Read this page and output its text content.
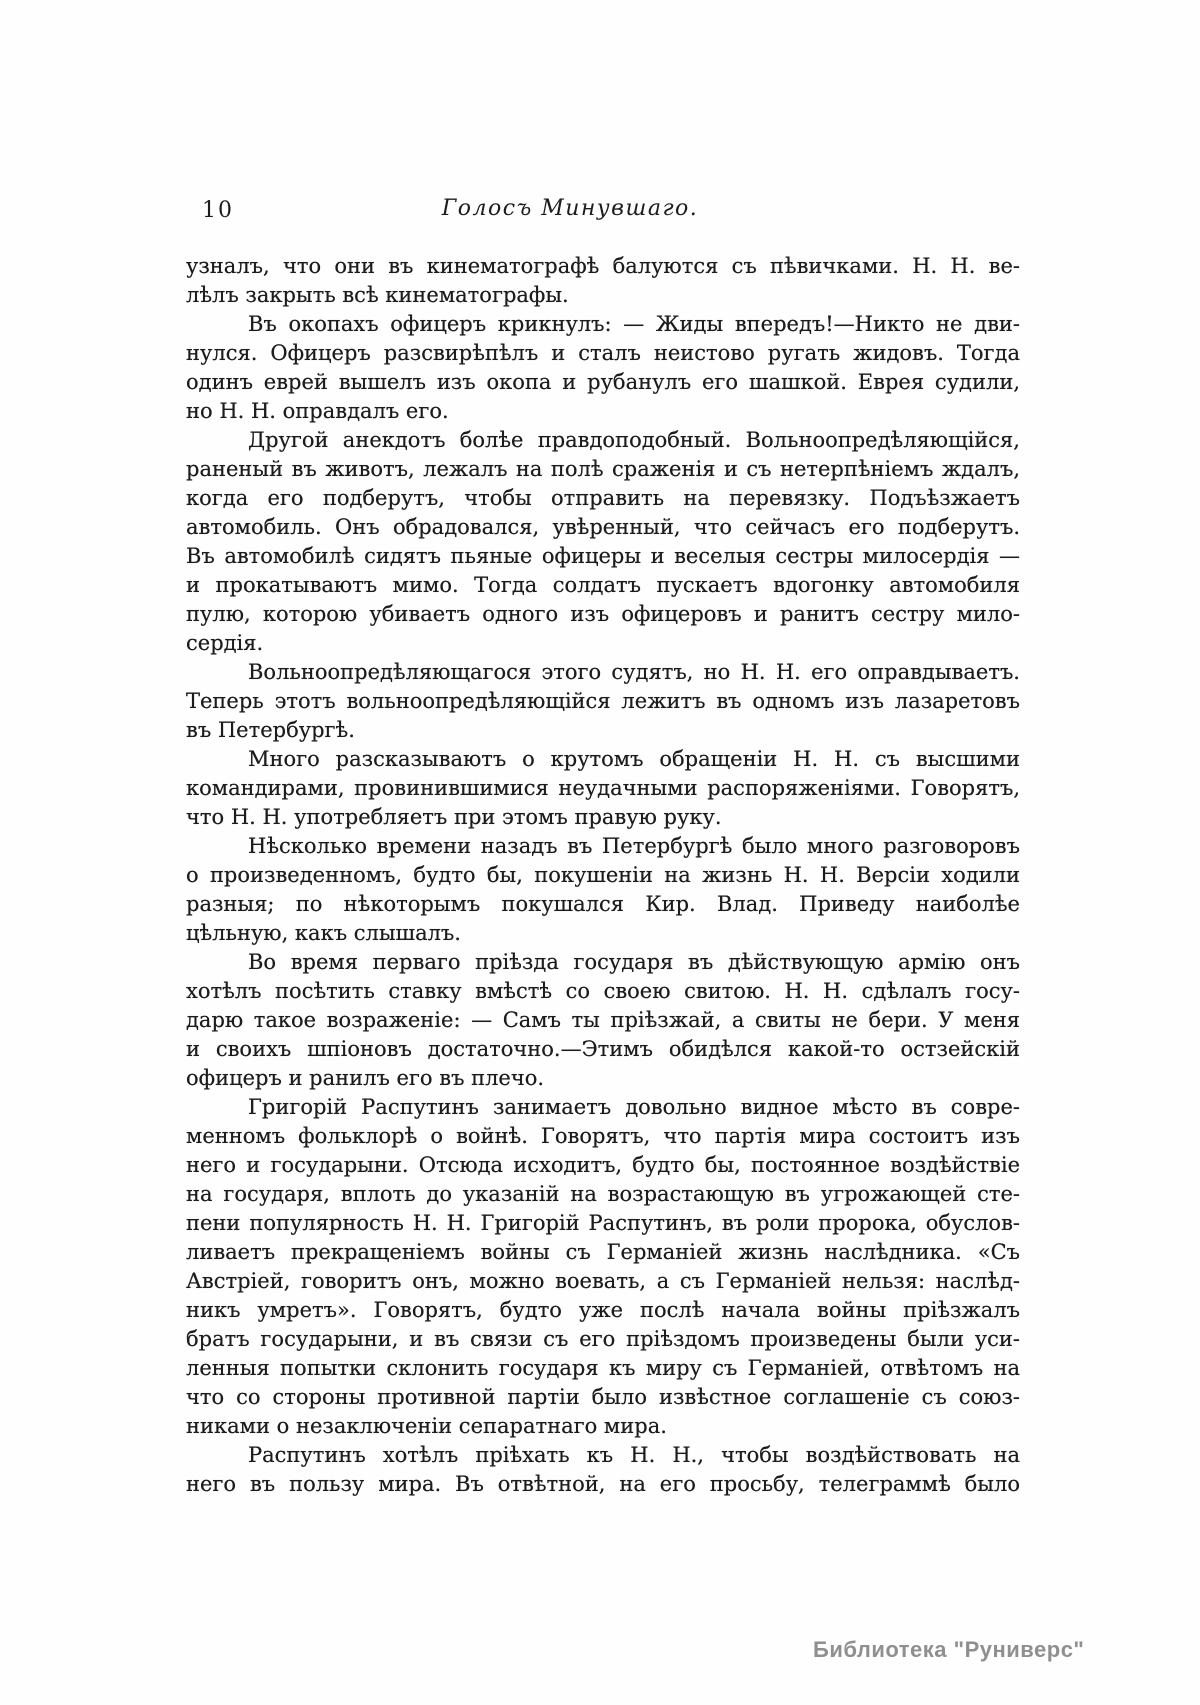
10	Голосъ Минувшаго.
узналъ, что они въ кинематографѣ балуются съ пѣвичками. Н. Н. ве-
лѣлъ закрыть всѣ кинематографы.
Въ окопахъ офицеръ крикнулъ: — Жиды впередъ!—Никто не дви-
нулся. Офицеръ разсвирѣпѣлъ и сталъ неистово ругать жидовъ. Тогда
одинъ еврей вышелъ изъ окопа и рубанулъ его шашкой. Еврея судили,
но Н. Н. оправдалъ его.
Другой анекдотъ болѣе правдоподобный. Вольноопредѣляющійся,
раненый въ животъ, лежалъ на полѣ сраженія и съ нетерпѣніемъ ждалъ,
когда его подберутъ, чтобы отправить на перевязку. Подъѣзжаетъ
автомобиль. Онъ обрадовался, увѣренный, что сейчасъ его подберутъ.
Въ автомобилѣ сидятъ пьяные офицеры и веселыя сестры милосердія —
и прокатываютъ мимо. Тогда солдатъ пускаетъ вдогонку автомобиля
пулю, которою убиваетъ одного изъ офицеровъ и ранитъ сестру мило-
сердія.
Вольноопредѣляющагося этого судятъ, но Н. Н. его оправдываетъ.
Теперь этотъ вольноопредѣляющійся лежитъ въ одномъ изъ лазаретовъ
въ Петербургѣ.
Много разсказываютъ о крутомъ обращеніи Н. Н. съ высшими
командирами, провинившимися неудачными распоряженіями. Говорятъ,
что Н. Н. употребляетъ при этомъ правую руку.
Нѣсколько времени назадъ въ Петербургѣ было много разговоровъ
о произведенномъ, будто бы, покушеніи на жизнь Н. Н. Версіи ходили
разныя; по нѣкоторымъ покушался Кир. Влад. Приведу наиболѣе
цѣльную, какъ слышалъ.
Во время перваго пріѣзда государя въ дѣйствующую армію онъ
хотѣлъ посѣтить ставку вмѣстѣ со своею свитою. Н. Н. сдѣлалъ госу-
дарю такое возраженіе: — Самъ ты пріѣзжай, а свиты не бери. У меня
и своихъ шпіоновъ достаточно.—Этимъ обидѣлся какой-то остзейскій
офицеръ и ранилъ его въ плечо.
Григорій Распутинъ занимаетъ довольно видное мѣсто въ совре-
менномъ фольклорѣ о войнѣ. Говорятъ, что партія мира состоитъ изъ
него и государыни. Отсюда исходитъ, будто бы, постоянное воздѣйствіе
на государя, вплоть до указаній на возрастающую въ угрожающей сте-
пени популярность Н. Н. Григорій Распутинъ, въ роли пророка, обуслов-
ливаетъ прекращеніемъ войны съ Германіей жизнь наслѣдника. «Съ
Австріей, говоритъ онъ, можно воевать, а съ Германіей нельзя: наслѣд-
никъ умретъ». Говорятъ, будто уже послѣ начала войны пріѣзжалъ
братъ государыни, и въ связи съ его пріѣздомъ произведены были уси-
ленныя попытки склонить государя къ миру съ Германіей, отвѣтомъ на
что со стороны противной партіи было извѣстное соглашеніе съ союз-
никами о незаключеніи сепаратнаго мира.
Распутинъ хотѣлъ пріѣхать къ Н. Н., чтобы воздѣйствовать на
него въ пользу мира. Въ отвѣтной, на его просьбу, телеграммѣ было
Библиотека "Руниверс"
